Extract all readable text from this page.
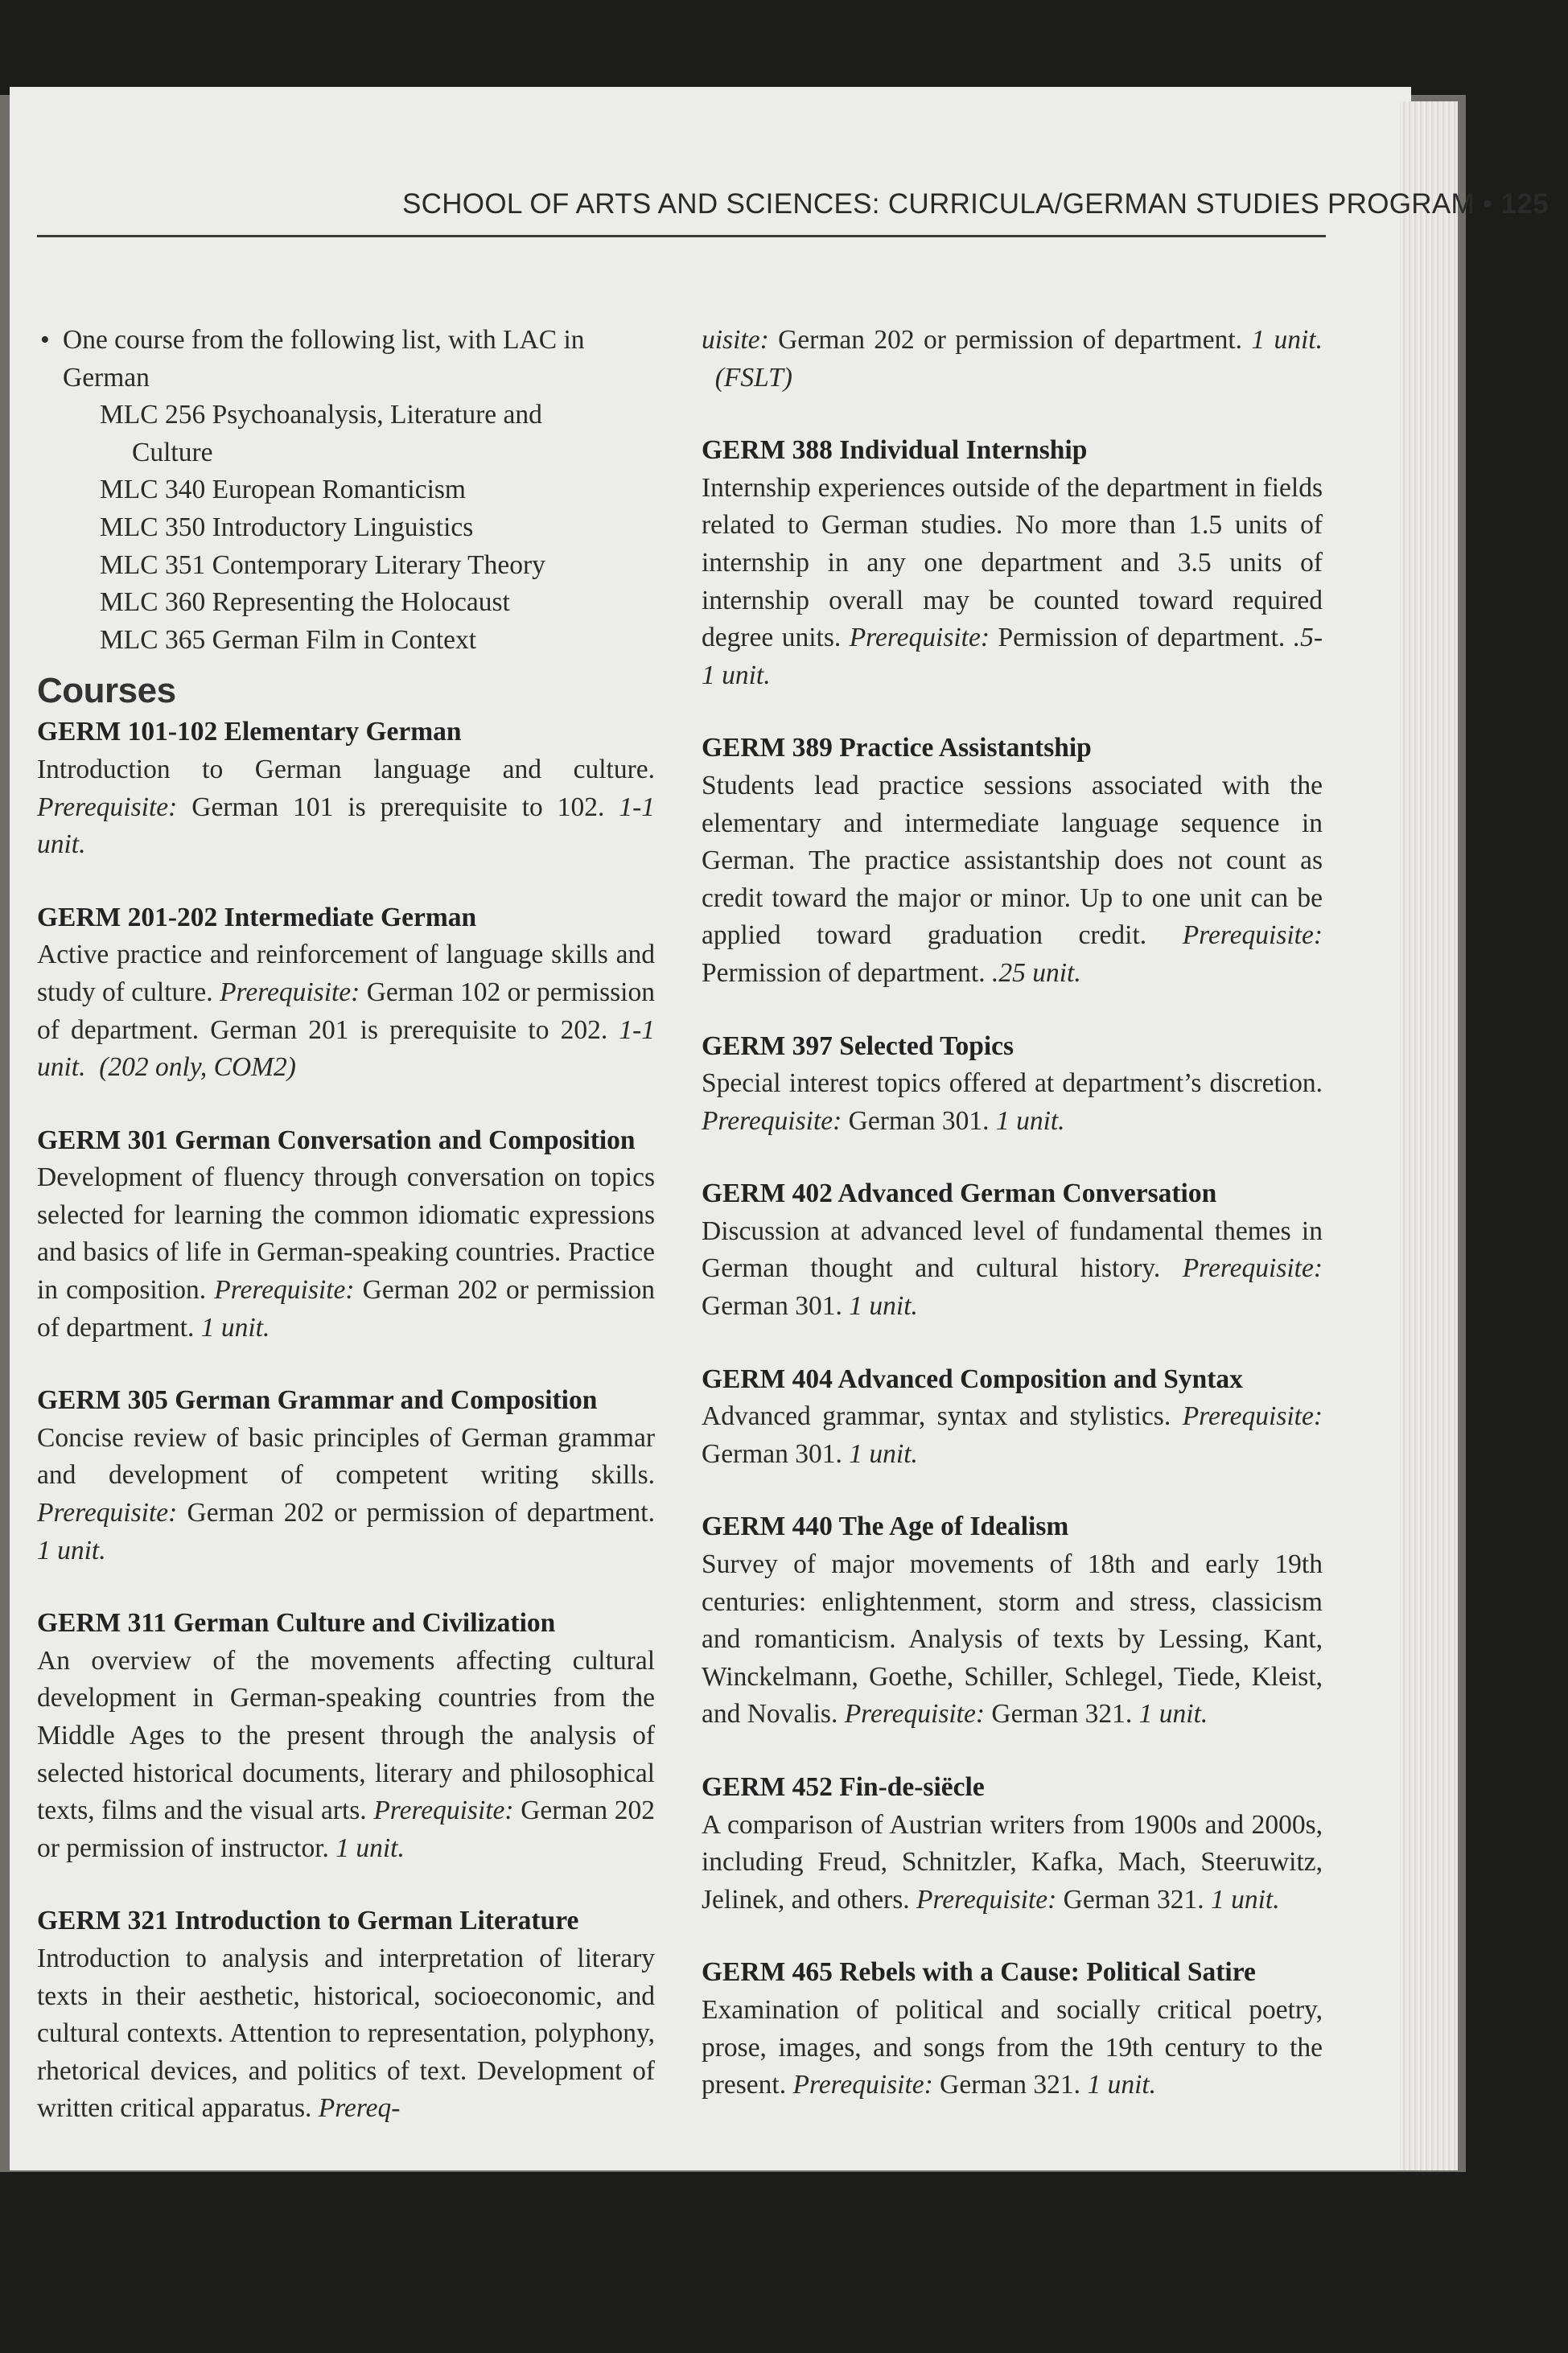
SCHOOL OF ARTS AND SCIENCES: CURRICULA/GERMAN STUDIES PROGRAM • 125
• One course from the following list, with LAC in
German
MLC 256 Psychoanalysis, Literature and
Culture
MLC 340 European Romanticism
MLC 350 Introductory Linguistics
MLC 351 Contemporary Literary Theory
MLC 360 Representing the Holocaust
MLC 365 German Film in Context
Courses
GERM 101-102 Elementary German
Introduction to German language and culture. Prerequisite: German 101 is prerequisite to 102. 1-1 unit.
GERM 201-202 Intermediate German
Active practice and reinforcement of language skills and study of culture. Prerequisite: German 102 or permission of department. German 201 is prerequisite to 202. 1-1 unit.  (202 only, COM2)
GERM 301 German Conversation and Composition
Development of fluency through conversation on topics selected for learning the common idiomatic expressions and basics of life in German-speaking countries. Practice in composition. Prerequisite: German 202 or permission of department. 1 unit.
GERM 305 German Grammar and Composition
Concise review of basic principles of German grammar and development of competent writing skills. Prerequisite: German 202 or permission of department. 1 unit.
GERM 311 German Culture and Civilization
An overview of the movements affecting cultural development in German-speaking countries from the Middle Ages to the present through the analysis of selected historical documents, literary and philosophical texts, films and the visual arts. Prerequisite: German 202 or permission of instructor. 1 unit.
GERM 321 Introduction to German Literature
Introduction to analysis and interpretation of literary texts in their aesthetic, historical, socioeconomic, and cultural contexts. Attention to representation, polyphony, rhetorical devices, and politics of text. Development of written critical apparatus. Prereq-
uisite: German 202 or permission of department. 1 unit.  (FSLT)
GERM 388 Individual Internship
Internship experiences outside of the department in fields related to German studies. No more than 1.5 units of internship in any one department and 3.5 units of internship overall may be counted toward required degree units. Prerequisite: Permission of department. .5-1 unit.
GERM 389 Practice Assistantship
Students lead practice sessions associated with the elementary and intermediate language sequence in German. The practice assistantship does not count as credit toward the major or minor. Up to one unit can be applied toward graduation credit. Prerequisite: Permission of department. .25 unit.
GERM 397 Selected Topics
Special interest topics offered at department’s discretion. Prerequisite: German 301. 1 unit.
GERM 402 Advanced German Conversation
Discussion at advanced level of fundamental themes in German thought and cultural history. Prerequisite: German 301. 1 unit.
GERM 404 Advanced Composition and Syntax
Advanced grammar, syntax and stylistics. Prerequisite: German 301. 1 unit.
GERM 440 The Age of Idealism
Survey of major movements of 18th and early 19th centuries: enlightenment, storm and stress, classicism and romanticism. Analysis of texts by Lessing, Kant, Winckelmann, Goethe, Schiller, Schlegel, Tiede, Kleist, and Novalis. Prerequisite: German 321. 1 unit.
GERM 452 Fin-de-siëcle
A comparison of Austrian writers from 1900s and 2000s, including Freud, Schnitzler, Kafka, Mach, Steeruwitz, Jelinek, and others. Prerequisite: German 321. 1 unit.
GERM 465 Rebels with a Cause: Political Satire
Examination of political and socially critical poetry, prose, images, and songs from the 19th century to the present. Prerequisite: German 321. 1 unit.
